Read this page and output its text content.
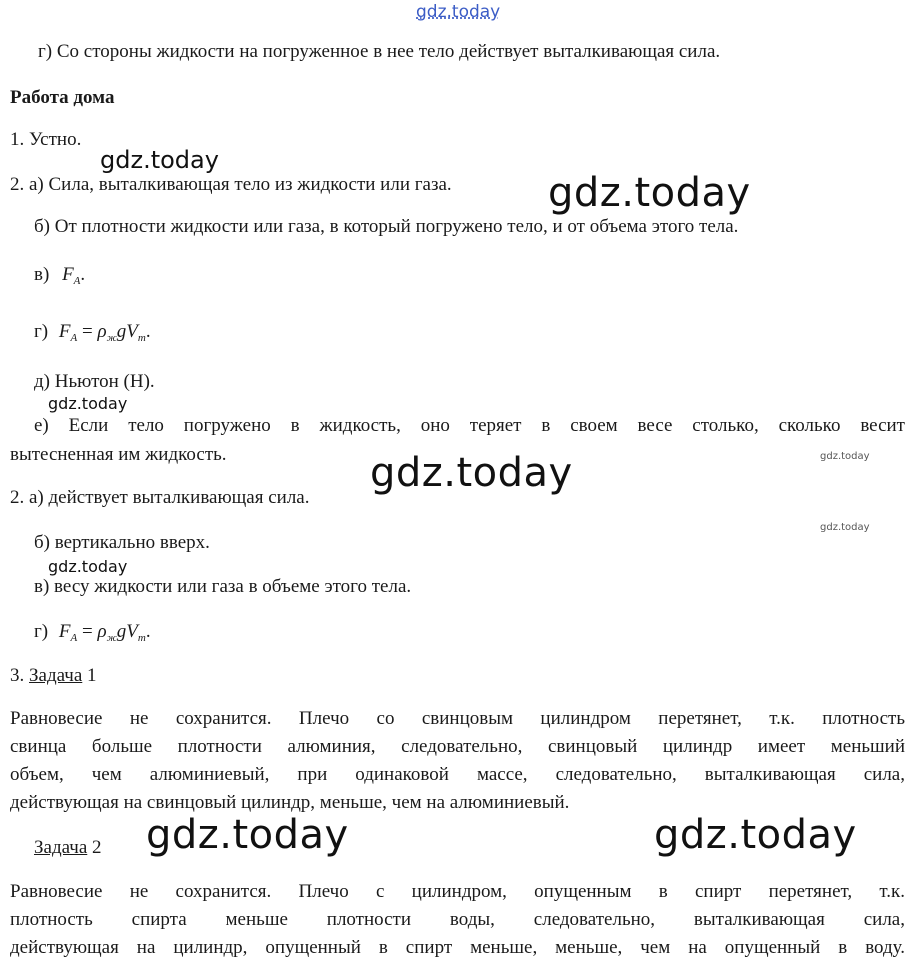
gdz.today
gdz.today
gdz.today
gdz.today
gdz.today
gdz.today
gdz.today
gdz.today
gdz.today	gdz.today
г) Со стороны жидкости на погруженное в нее тело действует выталкивающая сила.
Работа дома
1. Устно.
2. а) Сила, выталкивающая тело из жидкости или газа.
б) От плотности жидкости или газа, в который погружено тело, и от объема этого тела.
в) $F_A$.
г) $F_A = \rho_жgV_т$.
д) Ньютон (Н).
е) Если тело погружено в жидкость, оно теряет в своем весе столько, сколько весит
вытесненная им жидкость.
2. а) действует выталкивающая сила.
б) вертикально вверх.
в) весу жидкости или газа в объеме этого тела.
г) $F_A = \rho_жgV_т$.
3. Задача 1
Равновесие не сохранится. Плечо со свинцовым цилиндром перетянет, т.к. плотность
свинца больше плотности алюминия, следовательно, свинцовый цилиндр имеет меньший
объем, чем алюминиевый, при одинаковой массе, следовательно, выталкивающая сила,
действующая на свинцовый цилиндр, меньше, чем на алюминиевый.
Задача 2
Равновесие не сохранится. Плечо с цилиндром, опущенным в спирт перетянет, т.к.
плотность спирта меньше плотности воды, следовательно, выталкивающая сила,
действующая на цилиндр, опущенный в спирт меньше, меньше, чем на опущенный в воду.
